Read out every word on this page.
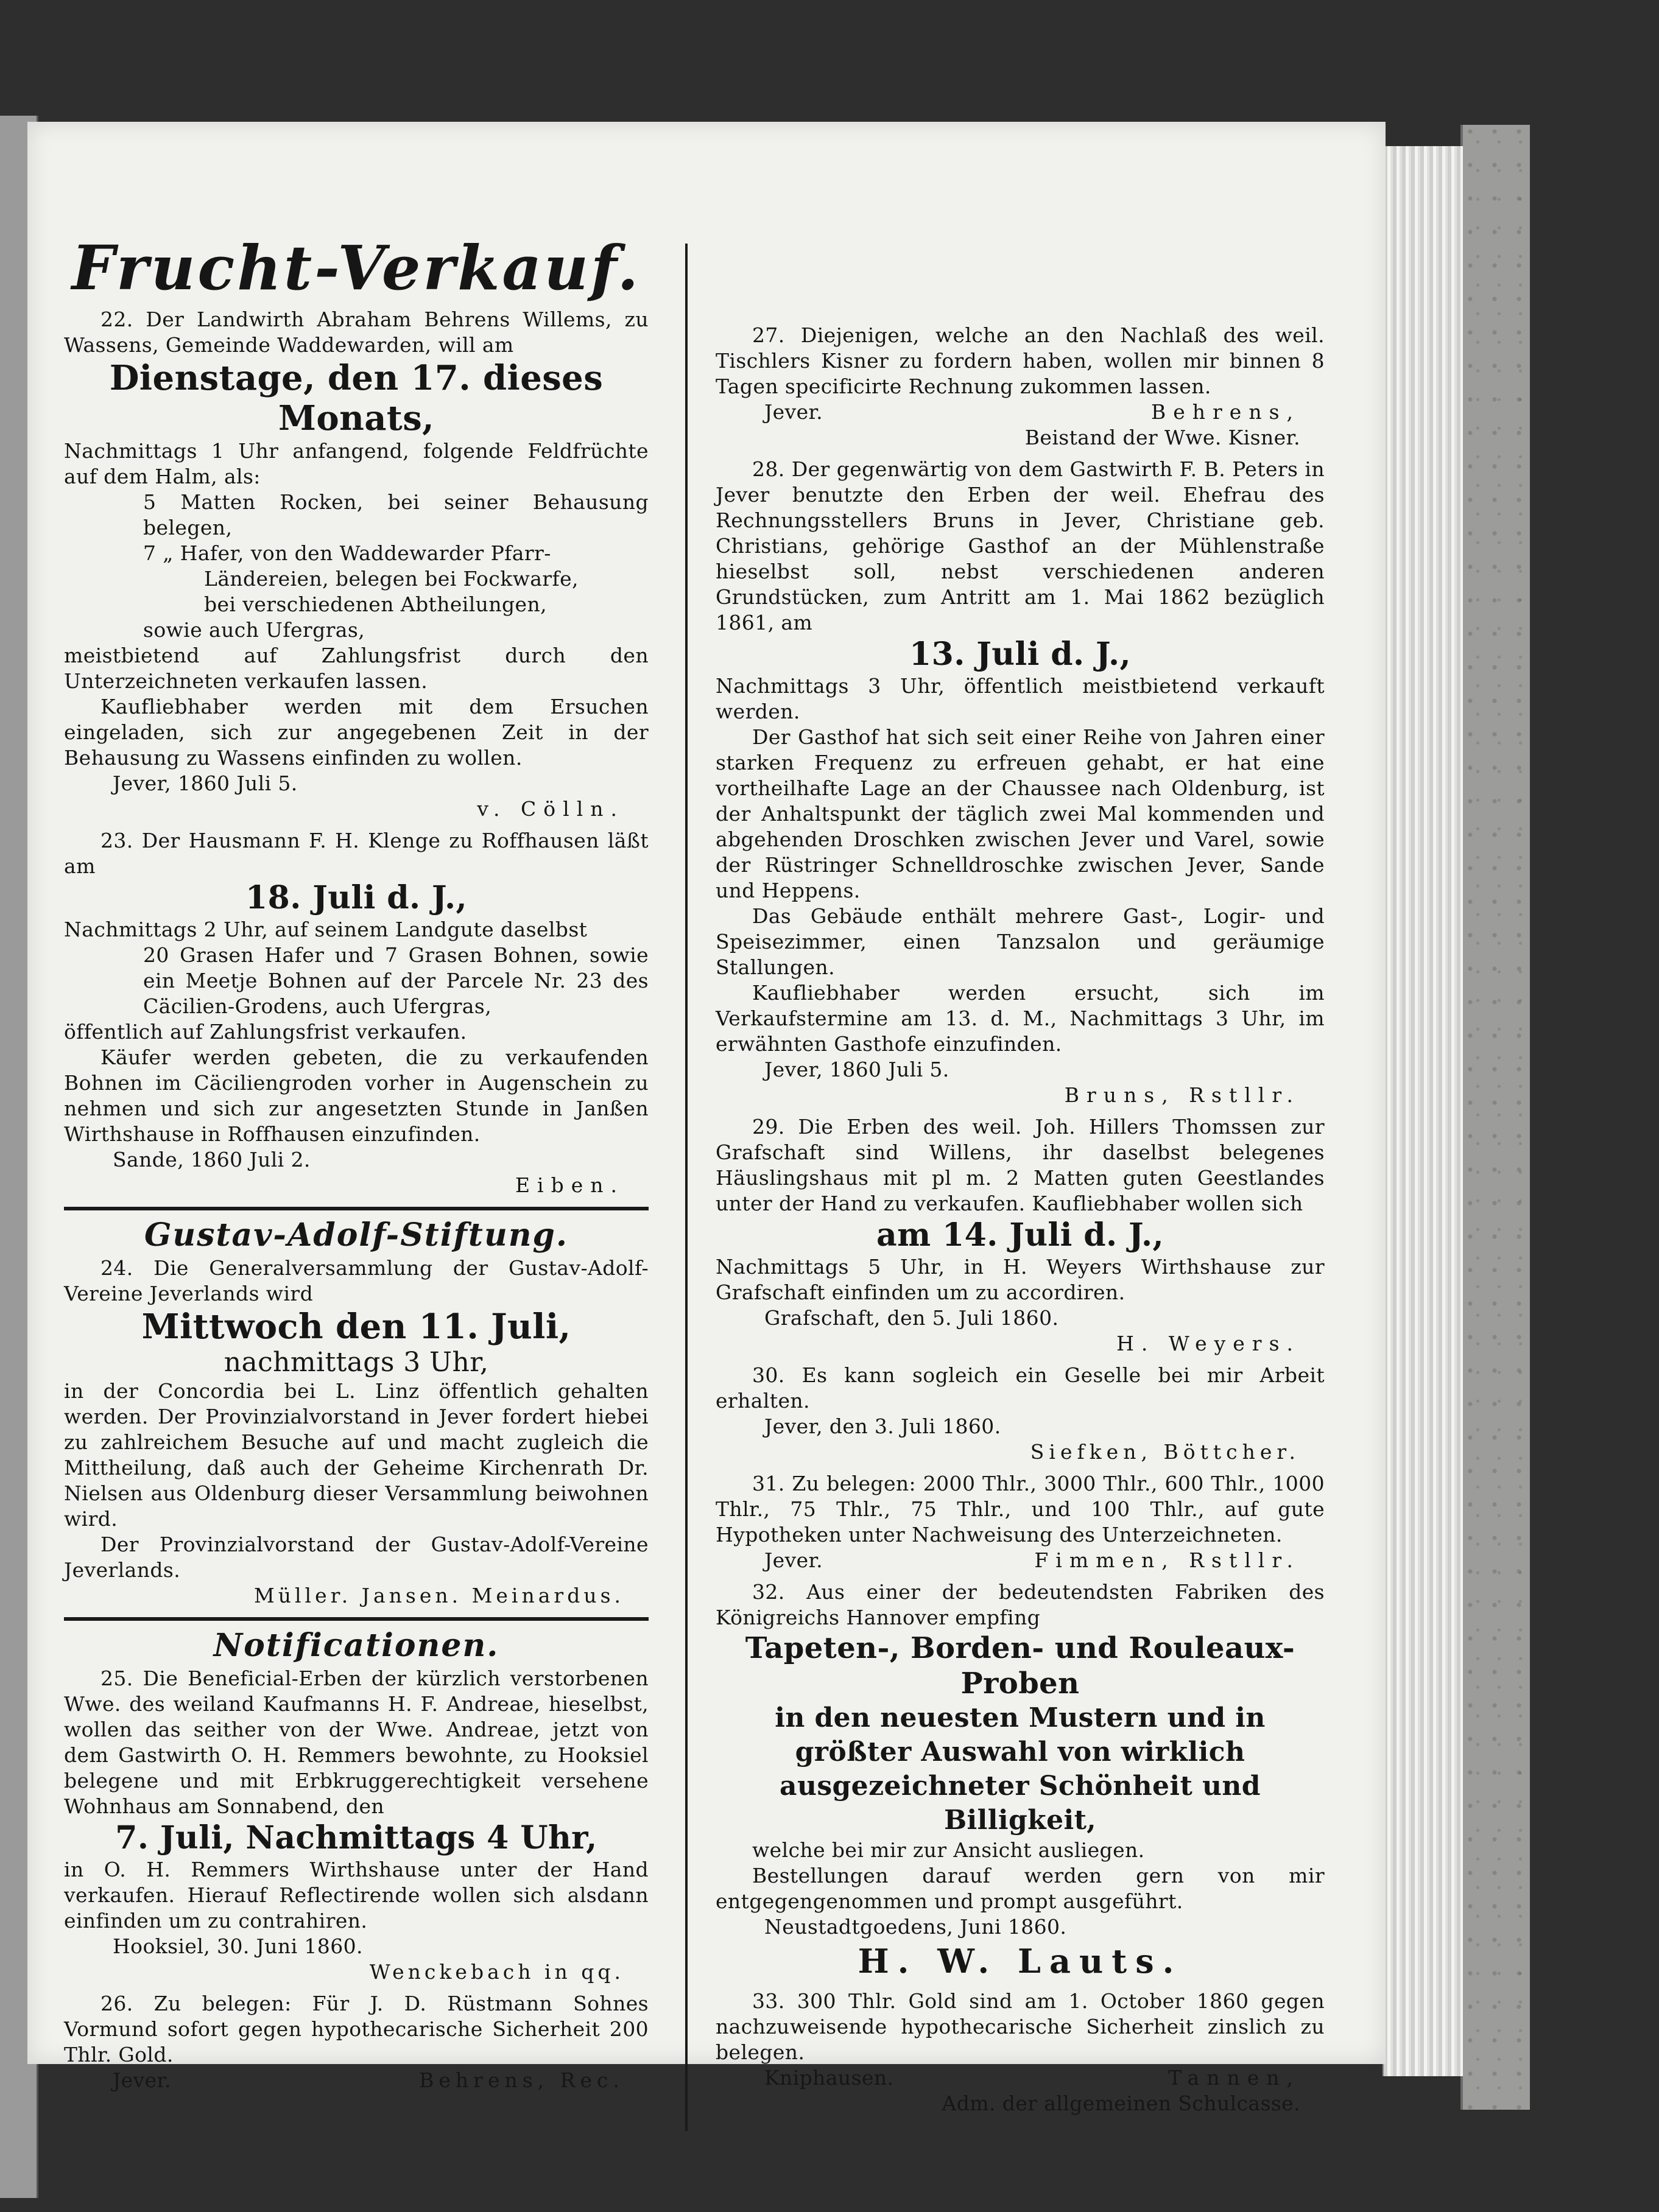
Frucht-Verkauf.

22. Der Landwirth Abraham Behrens Willems, zu Wassens, Gemeinde Waddewarden, will am

Dienstage, den 17. dieses Monats,

Nachmittags 1 Uhr anfangend, folgende Feldfrüchte auf dem Halm, als:

5 Matten Rocken, bei seiner Behausung belegen,

7 „ Hafer, von den Waddewarder Pfarr-

Ländereien, belegen bei Fockwarfe,

bei verschiedenen Abtheilungen,

sowie auch Ufergras,

meistbietend auf Zahlungsfrist durch den Unterzeichneten verkaufen lassen.

Kaufliebhaber werden mit dem Ersuchen eingeladen, sich zur angegebenen Zeit in der Behausung zu Wassens einfinden zu wollen.

Jever, 1860 Juli 5.

v. Cölln.

23. Der Hausmann F. H. Klenge zu Roffhausen läßt am

18. Juli d. J.,

Nachmittags 2 Uhr, auf seinem Landgute daselbst

20 Grasen Hafer und 7 Grasen Bohnen, sowie ein Meetje Bohnen auf der Parcele Nr. 23 des Cäcilien-Grodens, auch Ufergras,

öffentlich auf Zahlungsfrist verkaufen.

Käufer werden gebeten, die zu verkaufenden Bohnen im Cäciliengroden vorher in Augenschein zu nehmen und sich zur angesetzten Stunde in Janßen Wirthshause in Roffhausen einzufinden.

Sande, 1860 Juli 2.

Eiben.

Gustav-Adolf-Stiftung.

24. Die Generalversammlung der Gustav-Adolf-Vereine Jeverlands wird

Mittwoch den 11. Juli,
nachmittags 3 Uhr,

in der Concordia bei L. Linz öffentlich gehalten werden. Der Provinzialvorstand in Jever fordert hiebei zu zahlreichem Besuche auf und macht zugleich die Mittheilung, daß auch der Geheime Kirchenrath Dr. Nielsen aus Oldenburg dieser Versammlung beiwohnen wird.

Der Provinzialvorstand der Gustav-Adolf-Vereine Jeverlands.

Müller. Jansen. Meinardus.

Notificationen.

25. Die Beneficial-Erben der kürzlich verstorbenen Wwe. des weiland Kaufmanns H. F. Andreae, hieselbst, wollen das seither von der Wwe. Andreae, jetzt von dem Gastwirth O. H. Remmers bewohnte, zu Hooksiel belegene und mit Erbkruggerechtigkeit versehene Wohnhaus am Sonnabend, den

7. Juli, Nachmittags 4 Uhr,

in O. H. Remmers Wirthshause unter der Hand verkaufen. Hierauf Reflectirende wollen sich alsdann einfinden um zu contrahiren.

Hooksiel, 30. Juni 1860.

Wenckebach in qq.

26. Zu belegen: Für J. D. Rüstmann Sohnes Vormund sofort gegen hypothecarische Sicherheit 200 Thlr. Gold.

Jever.	Behrens, Rec.

27. Diejenigen, welche an den Nachlaß des weil. Tischlers Kisner zu fordern haben, wollen mir binnen 8 Tagen specificirte Rechnung zukommen lassen.

Jever.	Behrens,

Beistand der Wwe. Kisner.

28. Der gegenwärtig von dem Gastwirth F. B. Peters in Jever benutzte den Erben der weil. Ehefrau des Rechnungsstellers Bruns in Jever, Christiane geb. Christians, gehörige Gasthof an der Mühlenstraße hieselbst soll, nebst verschiedenen anderen Grundstücken, zum Antritt am 1. Mai 1862 bezüglich 1861, am

13. Juli d. J.,

Nachmittags 3 Uhr, öffentlich meistbietend verkauft werden.

Der Gasthof hat sich seit einer Reihe von Jahren einer starken Frequenz zu erfreuen gehabt, er hat eine vortheilhafte Lage an der Chaussee nach Oldenburg, ist der Anhaltspunkt der täglich zwei Mal kommenden und abgehenden Droschken zwischen Jever und Varel, sowie der Rüstringer Schnelldroschke zwischen Jever, Sande und Heppens.

Das Gebäude enthält mehrere Gast-, Logir- und Speisezimmer, einen Tanzsalon und geräumige Stallungen.

Kaufliebhaber werden ersucht, sich im Verkaufstermine am 13. d. M., Nachmittags 3 Uhr, im erwähnten Gasthofe einzufinden.

Jever, 1860 Juli 5.

Bruns, Rstllr.

29. Die Erben des weil. Joh. Hillers Thomssen zur Grafschaft sind Willens, ihr daselbst belegenes Häuslingshaus mit pl m. 2 Matten guten Geestlandes unter der Hand zu verkaufen. Kaufliebhaber wollen sich

am 14. Juli d. J.,

Nachmittags 5 Uhr, in H. Weyers Wirthshause zur Grafschaft einfinden um zu accordiren.

Grafschaft, den 5. Juli 1860.

H. Weyers.

30. Es kann sogleich ein Geselle bei mir Arbeit erhalten.

Jever, den 3. Juli 1860.

Siefken, Böttcher.

31. Zu belegen: 2000 Thlr., 3000 Thlr., 600 Thlr., 1000 Thlr., 75 Thlr., 75 Thlr., und 100 Thlr., auf gute Hypotheken unter Nachweisung des Unterzeichneten.

Jever.	Fimmen, Rstllr.

32. Aus einer der bedeutendsten Fabriken des Königreichs Hannover empfing

Tapeten-, Borden- und Rouleaux-
Proben
in den neuesten Mustern und in größter Auswahl von wirklich ausgezeichneter Schönheit und Billigkeit,

welche bei mir zur Ansicht ausliegen.

Bestellungen darauf werden gern von mir entgegengenommen und prompt ausgeführt.

Neustadtgoedens, Juni 1860.

H. W. Lauts.

33. 300 Thlr. Gold sind am 1. October 1860 gegen nachzuweisende hypothecarische Sicherheit zinslich zu belegen.

Kniphausen.	Tannen,

Adm. der allgemeinen Schulcasse.
